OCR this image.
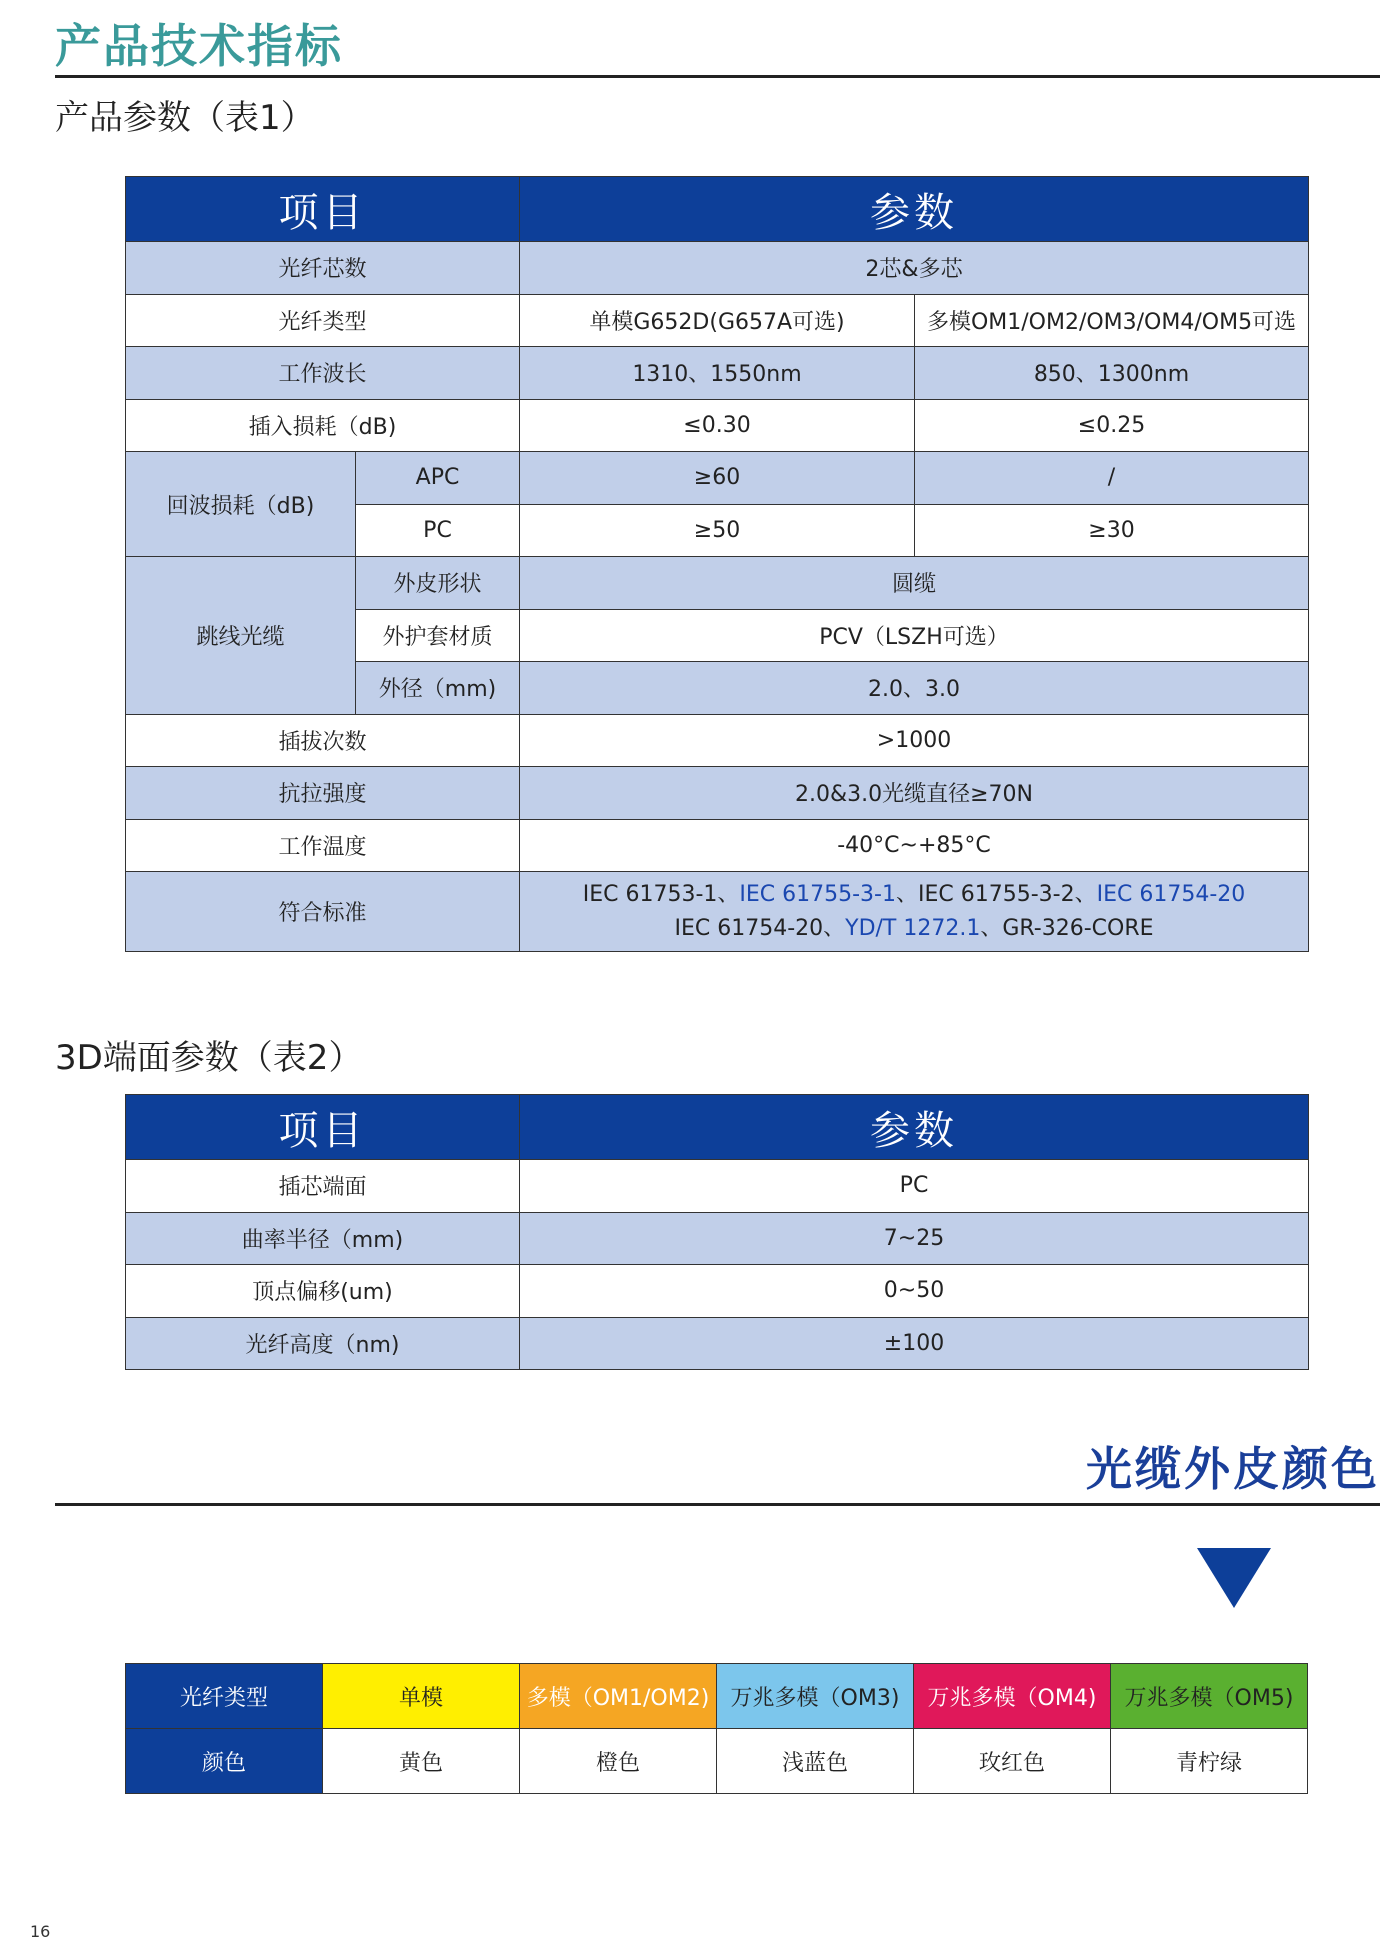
产品技术指标
产品参数（表1）
项目		参数	
光纤芯数		2芯&多芯	
光纤类型		单模G652D(G657A可选)	多模OM1/OM2/OM3/OM4/OM5可选
工作波长		1310、1550nm	850、1300nm
插入损耗（dB)		≤0.30	≤0.25
回波损耗（dB)	APC	≥60	/
	PC	≥50	≥30
跳线光缆	外皮形状	圆缆	
	外护套材质	PCV（LSZH可选）	
	外径（mm)	2.0、3.0	
插拔次数		>1000	
抗拉强度		2.0&3.0光缆直径≥70N	
工作温度		-40°C~+85°C	
符合标准		IEC 61753-1、IEC 61755-3-1、IEC 61755-3-2、IEC 61754-20
IEC 61754-20、YD/T 1272.1、GR-326-CORE	
3D端面参数（表2）
项目	参数
插芯端面	PC
曲率半径（mm)	7~25
顶点偏移(um)	0~50
光纤高度（nm)	±100
光缆外皮颜色
光纤类型	单模	多模（OM1/OM2)	万兆多模（OM3)	万兆多模（OM4)	万兆多模（OM5)
颜色	黄色	橙色	浅蓝色	玫红色	青柠绿
16
